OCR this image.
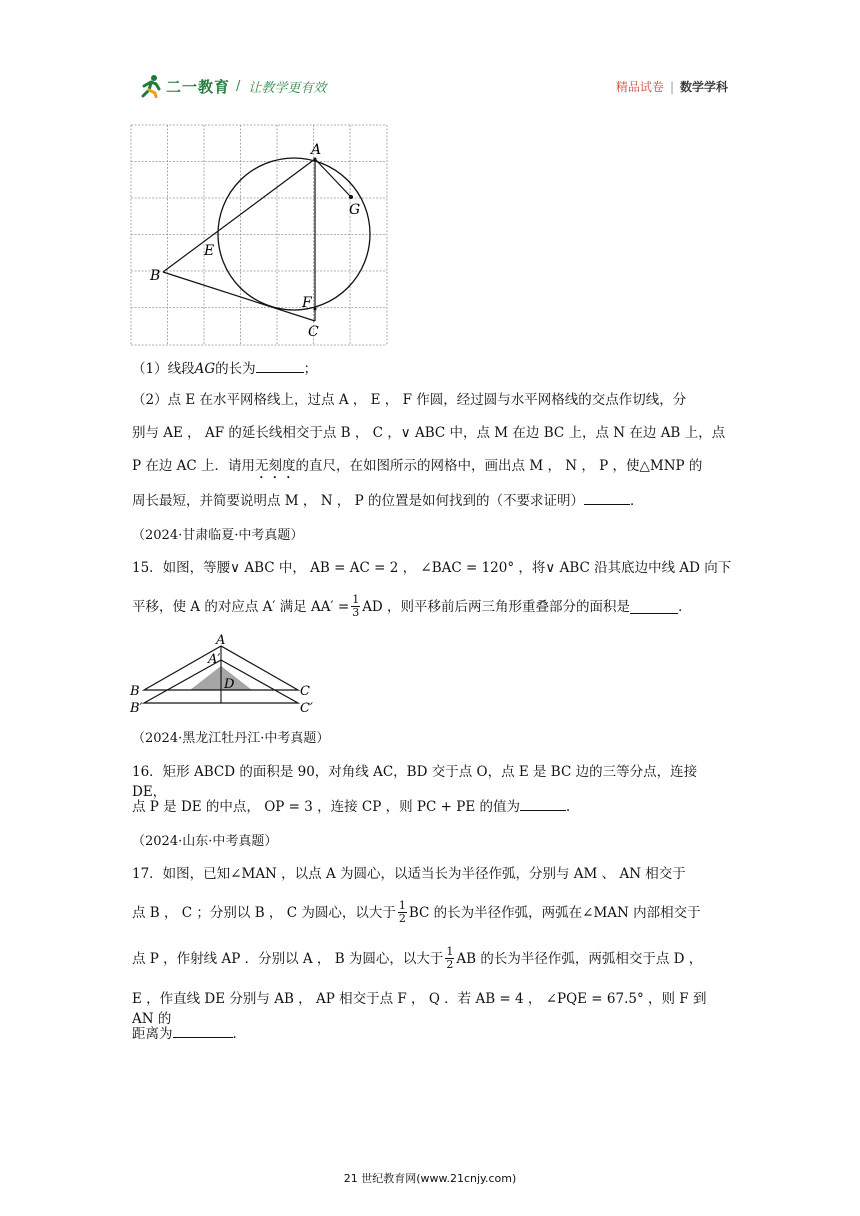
二一教育 / 让教学更有效	精品试卷 | 数学学科
A
G
E
B
F
C
（1）线段AG的长为	；
（2）点 E 在水平网格线上，过点 A ， E ， F 作圆，经过圆与水平网格线的交点作切线，分
别与 AE ， AF 的延长线相交于点 B ， C ，∨ ABC 中，点 M 在边 BC 上，点 N 在边 AB 上，点
P 在边 AC 上．请用无刻度的直尺，在如图所示的网格中，画出点 M ， N ， P ，使△MNP 的
周长最短，并简要说明点 M ， N ， P 的位置是如何找到的（不要求证明）	．
（2024·甘肃临夏·中考真题）
15．如图，等腰∨ ABC 中， AB = AC = 2 ， ∠BAC = 120° ，将∨ ABC 沿其底边中线 AD 向下
平移，使 A 的对应点 A′ 满足 $AA' = \frac{1}{3}$ AD ，则平移前后两三角形重叠部分的面积是	．
A
A′
D
B	C
B′	C′
（2024·黑龙江牡丹江·中考真题）
16．矩形 ABCD 的面积是 90，对角线 AC，BD 交于点 O，点 E 是 BC 边的三等分点，连接 DE，
点 P 是 DE 的中点， OP = 3 ，连接 CP ，则 PC + PE 的值为	．
（2024·山东·中考真题）
17．如图，已知∠MAN ，以点 A 为圆心，以适当长为半径作弧，分别与 AM 、 AN 相交于
点 B ， C ；分别以 B ， C 为圆心，以大于 $\frac{1}{2}$ BC 的长为半径作弧，两弧在∠MAN 内部相交于
点 P ，作射线 AP ．分别以 A ， B 为圆心，以大于 $\frac{1}{2}$ AB 的长为半径作弧，两弧相交于点 D ，
E ，作直线 DE 分别与 AB ， AP 相交于点 F ， Q ．若 AB = 4 ， ∠PQE = 67.5° ，则 F 到 AN 的
距离为	．
21 世纪教育网(www.21cnjy.com)
